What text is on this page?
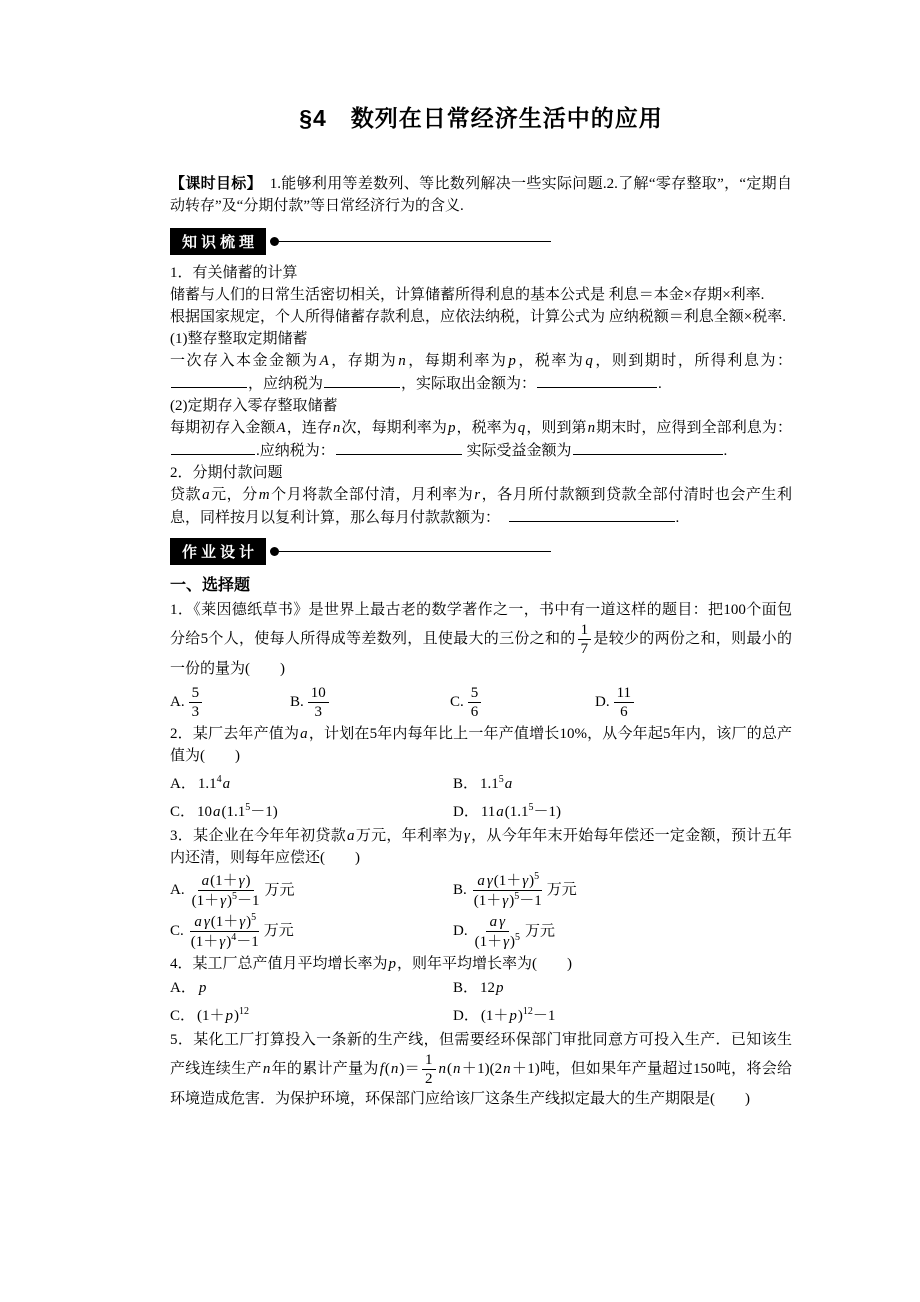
§4　数列在日常经济生活中的应用

【课时目标】　1.能够利用等差数列、等比数列解决一些实际问题.2.了解“零存整取”，“定期自动转存”及“分期付款”等日常经济行为的含义.

知识梳理

1．有关储蓄的计算

储蓄与人们的日常生活密切相关，计算储蓄所得利息的基本公式是 利息＝本金×存期×利率.

根据国家规定，个人所得储蓄存款利息，应依法纳税，计算公式为 应纳税额＝利息全额×税率.

(1)整存整取定期储蓄

一次存入本金金额为A，存期为n，每期利率为p，税率为q，则到期时，所得利息为：，应纳税为	，实际取出金额为：	.

(2)定期存入零存整取储蓄

每期初存入金额A，连存n次，每期利率为p，税率为q，则到第n期末时，应得到全部利息为：.应纳税为：	实际受益金额为	.

2．分期付款问题

贷款a元，分m个月将款全部付清，月利率为r，各月所付款额到贷款全部付清时也会产生利息，同样按月以复利计算，那么每月付款款额为：　	.

作业设计
一、选择题

1．《莱因德纸草书》是世界上最古老的数学著作之一，书中有一道这样的题目：把100个面包分给5个人，使每人所得成等差数列，且使最大的三份之和的 $\frac{1}{7}$ 是较少的两份之和，则最小的一份的量为(　　)

A. $\frac{5}{3}$	B. $\frac{10}{3}$	C. $\frac{5}{6}$	D. $\frac{11}{6}$

2．某厂去年产值为a，计划在5年内每年比上一年产值增长10%，从今年起5年内，该厂的总产值为(　　)

A． $1.1^4a$	B． $1.1^5a$
C． $10a(1.1^5-1)$	D． $11a(1.1^5-1)$

3．某企业在今年年初贷款a万元，年利率为γ，从今年年末开始每年偿还一定金额，预计五年内还清，则每年应偿还(　　)

A. $\frac{a(1+\gamma)}{(1+\gamma)^5-1}$ 万元	B. $\frac{a \gamma(1+\gamma)^5}{(1+\gamma)^5-1}$ 万元
C. $\frac{a \gamma(1+\gamma)^5}{(1+\gamma)^4-1}$ 万元	D. $\frac{\text{a γ}}{(1+\gamma)^5}$ 万元

4．某工厂总产值月平均增长率为p，则年平均增长率为(　　)

A． p	B． 12p
C． $(1+p)^{12}$	D． $(1+p)^{12}-1$

5．某化工厂打算投入一条新的生产线，但需要经环保部门审批同意方可投入生产．已知该生产线连续生产n年的累计产量为$f(n)= \frac{1}{2} n(n+1)(2n+1)$吨，但如果年产量超过150吨，将会给环境造成危害．为保护环境，环保部门应给该厂这条生产线拟定最大的生产期限是(　　)
